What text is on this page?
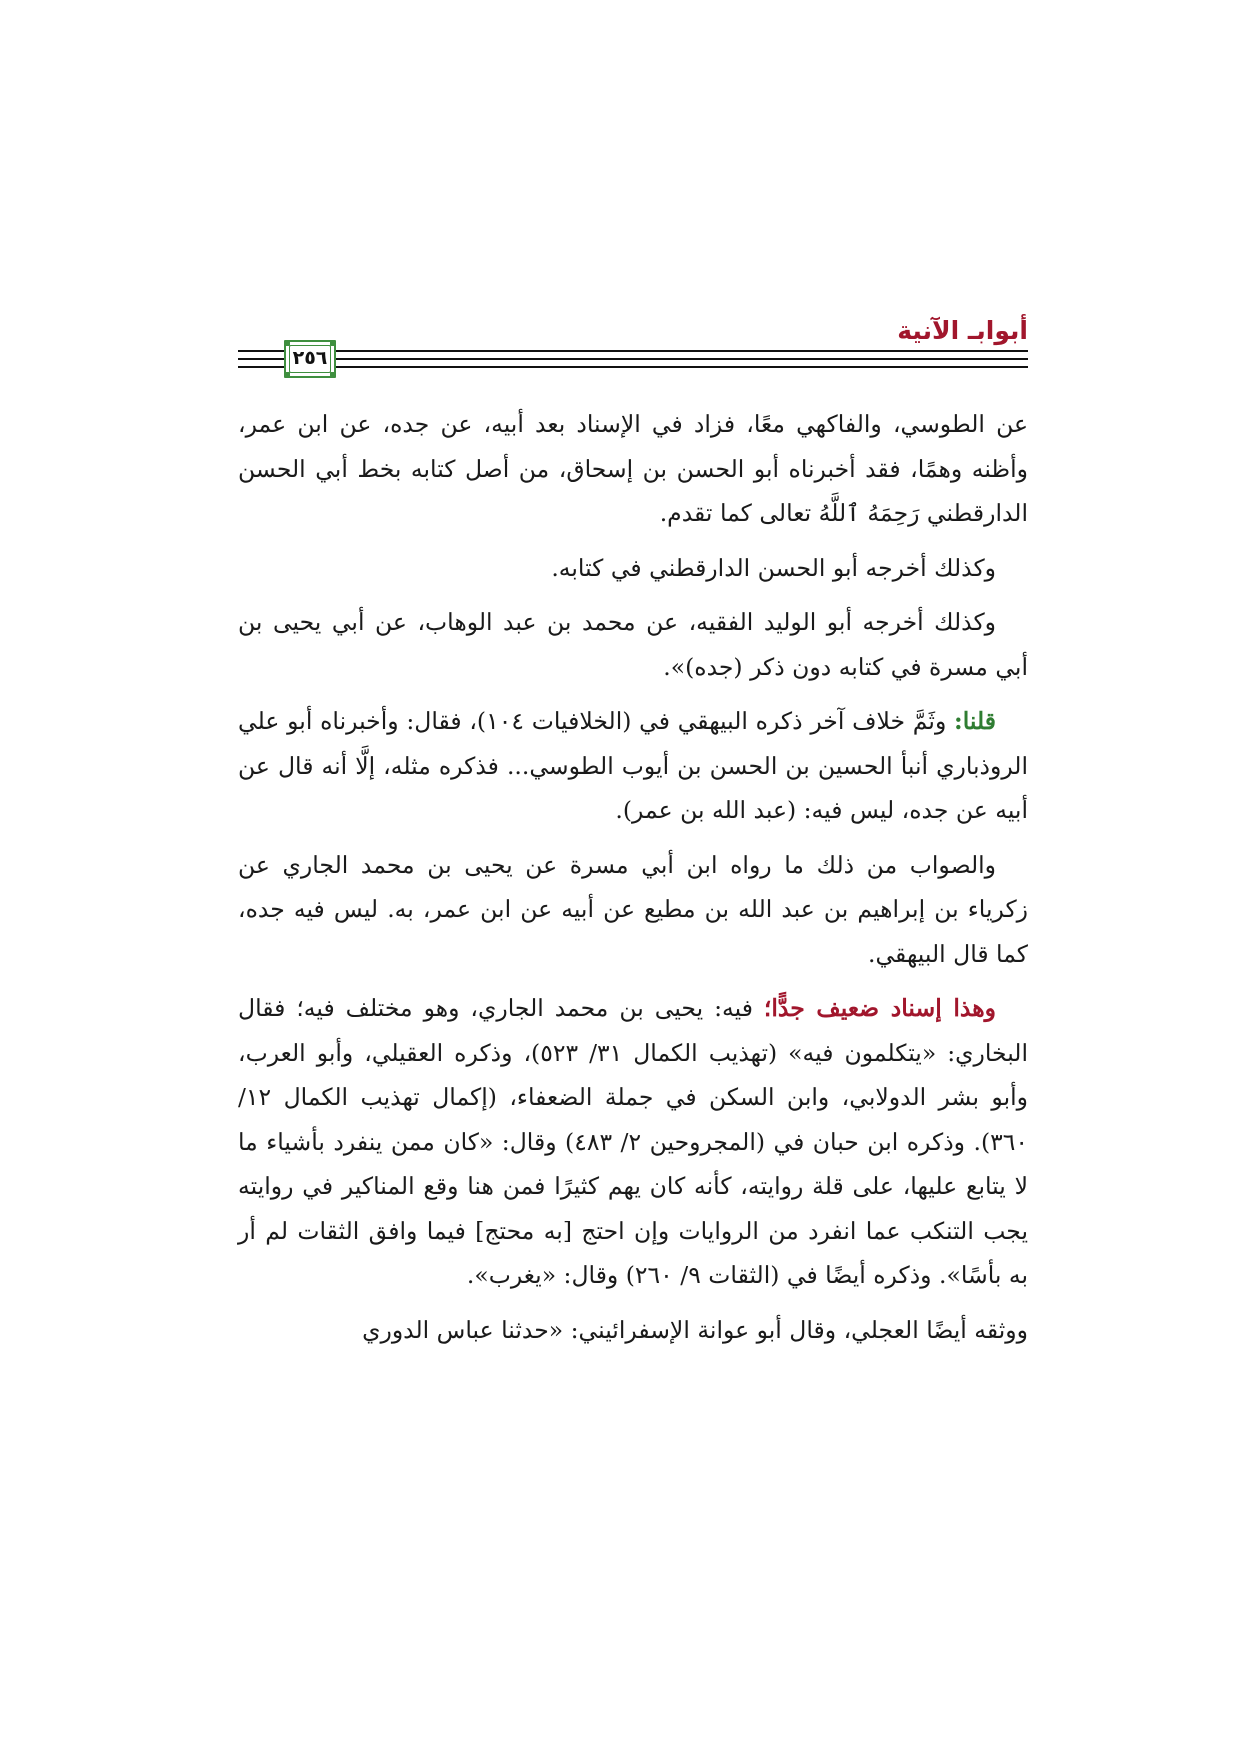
أبوابـ الآنية
٢٥٦

عن الطوسي، والفاكهي معًا، فزاد في الإسناد بعد أبيه، عن جده، عن ابن عمر، وأظنه وهمًا، فقد أخبرناه أبو الحسن بن إسحاق، من أصل كتابه بخط أبي الحسن الدارقطني رَحِمَهُ ٱللَّهُ تعالى كما تقدم.

وكذلك أخرجه أبو الحسن الدارقطني في كتابه.

وكذلك أخرجه أبو الوليد الفقيه، عن محمد بن عبد الوهاب، عن أبي يحيى بن أبي مسرة في كتابه دون ذكر (جده)».

قلنا: وثَمَّ خلاف آخر ذكره البيهقي في (الخلافيات ١٠٤)، فقال: وأخبرناه أبو علي الروذباري أنبأ الحسين بن الحسن بن أيوب الطوسي... فذكره مثله، إلَّا أنه قال عن أبيه عن جده، ليس فيه: (عبد الله بن عمر).

والصواب من ذلك ما رواه ابن أبي مسرة عن يحيى بن محمد الجاري عن زكرياء بن إبراهيم بن عبد الله بن مطيع عن أبيه عن ابن عمر، به. ليس فيه جده، كما قال البيهقي.

وهذا إسناد ضعيف جدًّا؛ فيه: يحيى بن محمد الجاري، وهو مختلف فيه؛ فقال البخاري: «يتكلمون فيه» (تهذيب الكمال ٣١/ ٥٢٣)، وذكره العقيلي، وأبو العرب، وأبو بشر الدولابي، وابن السكن في جملة الضعفاء، (إكمال تهذيب الكمال ١٢/ ٣٦٠). وذكره ابن حبان في (المجروحين ٢/ ٤٨٣) وقال: «كان ممن ينفرد بأشياء ما لا يتابع عليها، على قلة روايته، كأنه كان يهم كثيرًا فمن هنا وقع المناكير في روايته يجب التنكب عما انفرد من الروايات وإن احتج [به محتج] فيما وافق الثقات لم أر به بأسًا». وذكره أيضًا في (الثقات ٩/ ٢٦٠) وقال: «يغرب».

ووثقه أيضًا العجلي، وقال أبو عوانة الإسفرائيني: «حدثنا عباس الدوري
